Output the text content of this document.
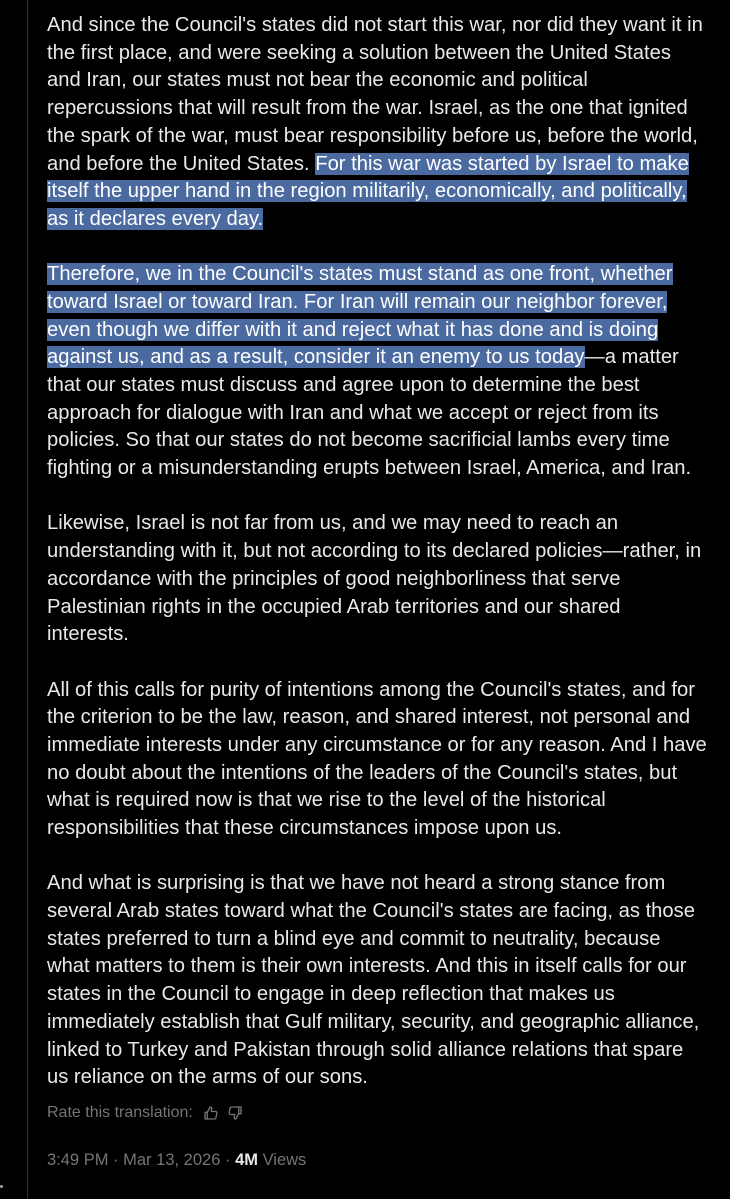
And since the Council's states did not start this war, nor did they want it in the first place, and were seeking a solution between the United States and Iran, our states must not bear the economic and political repercussions that will result from the war. Israel, as the one that ignited the spark of the war, must bear responsibility before us, before the world, and before the United States. For this war was started by Israel to make itself the upper hand in the region militarily, economically, and politically, as it declares every day.

Therefore, we in the Council's states must stand as one front, whether toward Israel or toward Iran. For Iran will remain our neighbor forever, even though we differ with it and reject what it has done and is doing against us, and as a result, consider it an enemy to us today—a matter that our states must discuss and agree upon to determine the best approach for dialogue with Iran and what we accept or reject from its policies. So that our states do not become sacrificial lambs every time fighting or a misunderstanding erupts between Israel, America, and Iran.

Likewise, Israel is not far from us, and we may need to reach an understanding with it, but not according to its declared policies—rather, in accordance with the principles of good neighborliness that serve Palestinian rights in the occupied Arab territories and our shared interests.

All of this calls for purity of intentions among the Council's states, and for the criterion to be the law, reason, and shared interest, not personal and immediate interests under any circumstance or for any reason. And I have no doubt about the intentions of the leaders of the Council's states, but what is required now is that we rise to the level of the historical responsibilities that these circumstances impose upon us.

And what is surprising is that we have not heard a strong stance from several Arab states toward what the Council's states are facing, as those states preferred to turn a blind eye and commit to neutrality, because what matters to them is their own interests. And this in itself calls for our states in the Council to engage in deep reflection that makes us immediately establish that Gulf military, security, and geographic alliance, linked to Turkey and Pakistan through solid alliance relations that spare us reliance on the arms of our sons.

Rate this translation:
3:49 PM · Mar 13, 2026 · 4M Views
